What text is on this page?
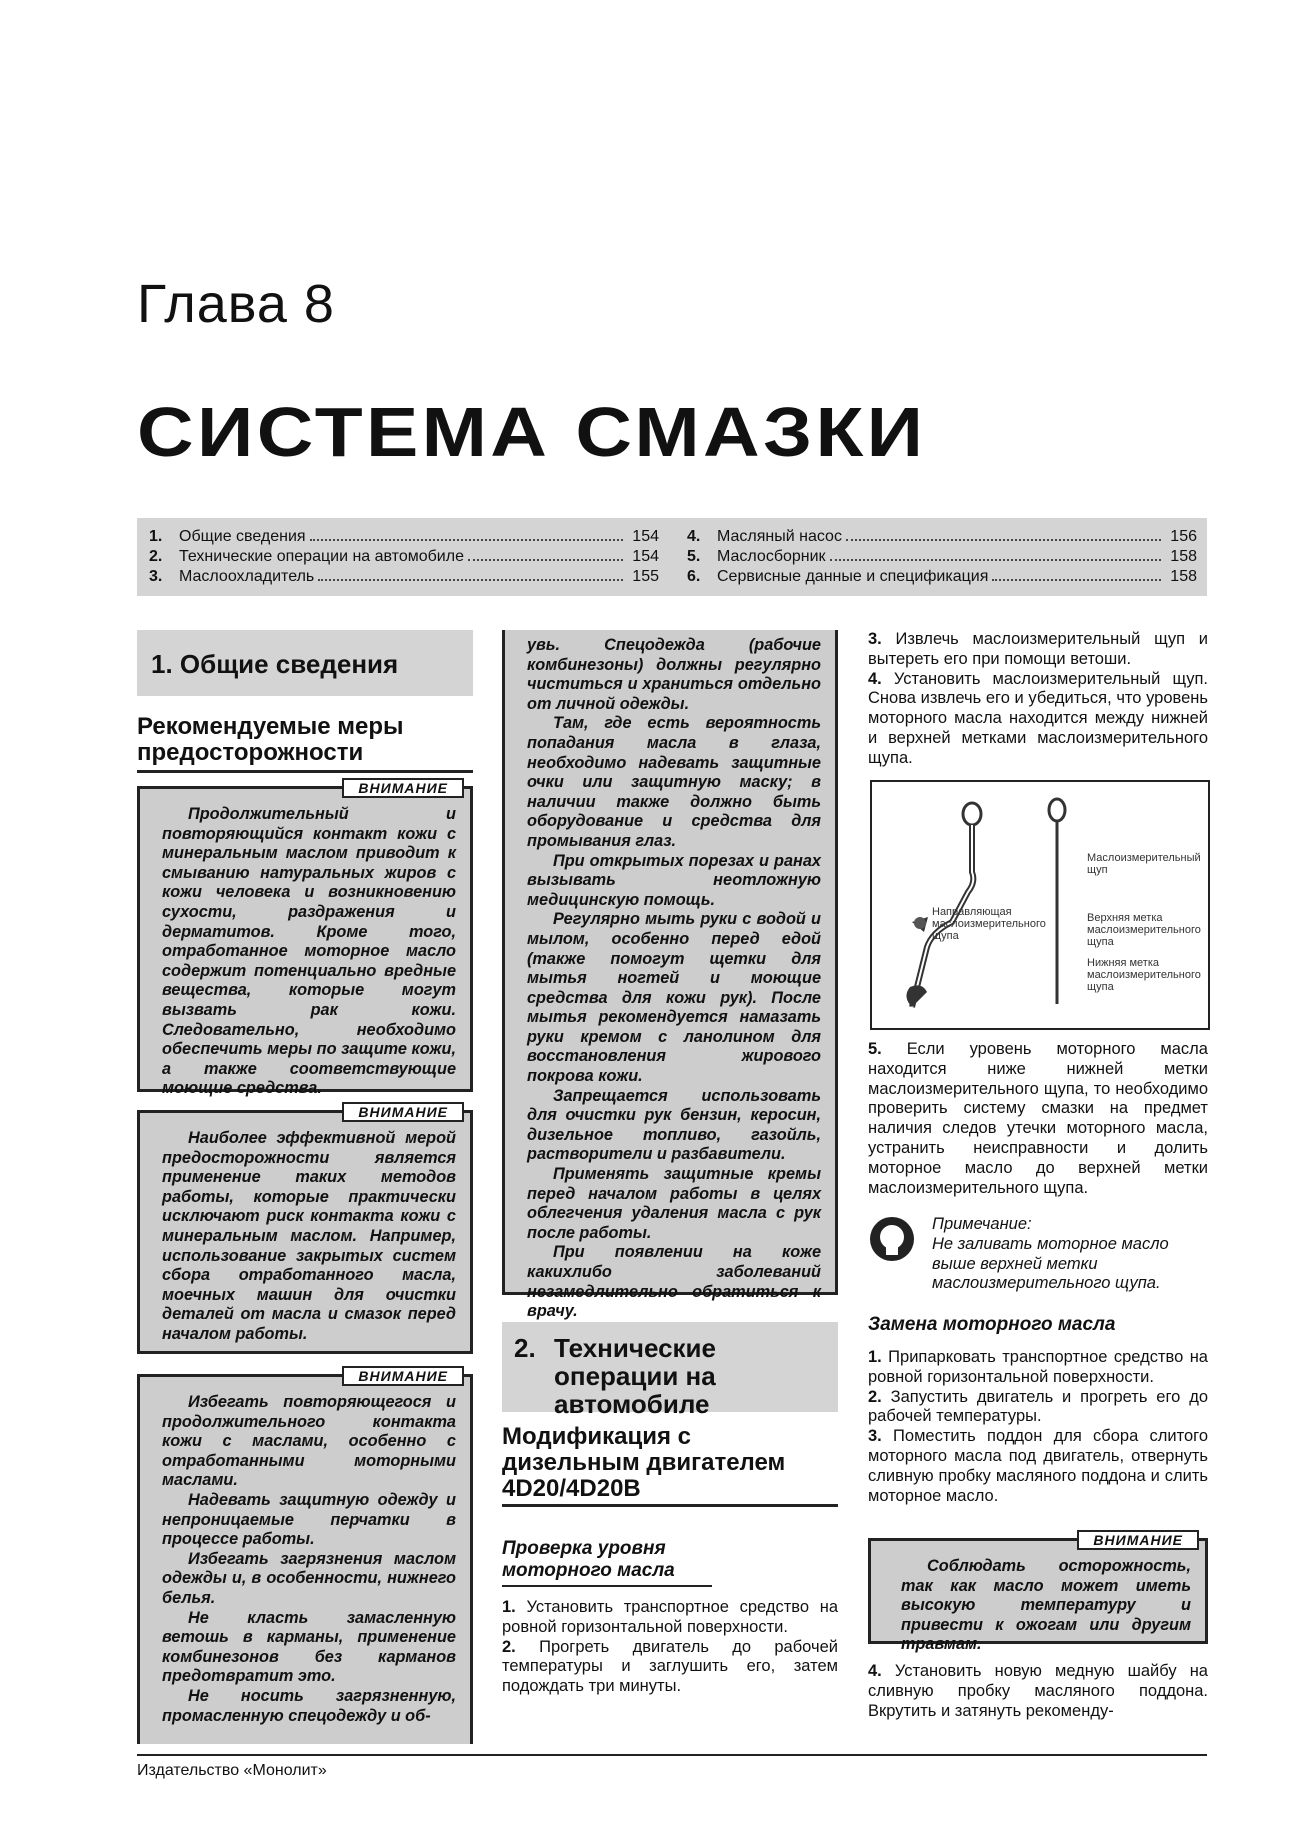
Глава 8
СИСТЕМА СМАЗКИ
1.	Общие сведения	154
2.	Технические операции на автомобиле	154
3.	Маслоохладитель	155
4.	Масляный насос	156
5.	Маслосборник	158
6.	Сервисные данные и спецификация	158
1. Общие сведения
Рекомендуемые меры предосторожности
ВНИМАНИЕ

Продолжительный и повторяющийся контакт кожи с минеральным маслом приводит к смыванию натуральных жиров с кожи человека и возникновению сухости, раздражения и дерматитов. Кроме того, отработанное моторное масло содержит потенциально вредные вещества, которые могут вызвать рак кожи. Следовательно, необходимо обеспечить меры по защите кожи, а также соответствующие моющие средства.

ВНИМАНИЕ

Наиболее эффективной мерой предосторожности является применение таких методов работы, которые практически исключают риск контакта кожи с минеральным маслом. Например, использование закрытых систем сбора отработанного масла, моечных машин для очистки деталей от масла и смазок перед началом работы.

ВНИМАНИЕ

Избегать повторяющегося и продолжительного контакта кожи с маслами, особенно с отработанными моторными маслами.

Надевать защитную одежду и непроницаемые перчатки в процессе работы.

Избегать загрязнения маслом одежды и, в особенности, нижнего белья.

Не класть замасленную ветошь в карманы, применение комбинезонов без карманов предотвратит это.

Не носить загрязненную, промасленную спецодежду и об-

увь. Спецодежда (рабочие комбинезоны) должны регулярно чиститься и храниться отдельно от личной одежды.

Там, где есть вероятность попадания масла в глаза, необходимо надевать защитные очки или защитную маску; в наличии также должно быть оборудование и средства для промывания глаз.

При открытых порезах и ранах вызывать неотложную медицинскую помощь.

Регулярно мыть руки с водой и мылом, особенно перед едой (также помогут щетки для мытья ногтей и моющие средства для кожи рук). После мытья рекомендуется намазать руки кремом с ланолином для восстановления жирового покрова кожи.

Запрещается использовать для очистки рук бензин, керосин, дизельное топливо, газойль, растворители и разбавители.

Применять защитные кремы перед началом работы в целях облегчения удаления масла с рук после работы.

При появлении на коже какихлибо заболеваний незамедлительно обратиться к врачу.

2. Технические операции на автомобиле
Модификация с дизельным двигателем 4D20/4D20B
Проверка уровня моторного масла

1. Установить транспортное средство на ровной горизонтальной поверхности.

2. Прогреть двигатель до рабочей температуры и заглушить его, затем подождать три минуты.

3. Извлечь маслоизмерительный щуп и вытереть его при помощи ветоши.

4. Установить маслоизмерительный щуп. Снова извлечь его и убедиться, что уровень моторного масла находится между нижней и верхней метками маслоизмерительного щупа.

Направляющая маслоизмерительного щупа
Маслоизмерительный щуп
Верхняя метка маслоизмерительного щупа
Нижняя метка маслоизмерительного щупа

5. Если уровень моторного масла находится ниже нижней метки маслоизмерительного щупа, то необходимо проверить систему смазки на предмет наличия следов утечки моторного масла, устранить неисправности и долить моторное масло до верхней метки маслоизмерительного щупа.

Примечание:
Не заливать моторное масло выше верхней метки маслоизмерительного щупа.
Замена моторного масла

1. Припарковать транспортное средство на ровной горизонтальной поверхности.

2. Запустить двигатель и прогреть его до рабочей температуры.

3. Поместить поддон для сбора слитого моторного масла под двигатель, отвернуть сливную пробку масляного поддона и слить моторное масло.

ВНИМАНИЕ

Соблюдать осторожность, так как масло может иметь высокую температуру и привести к ожогам или другим травмам.

4. Установить новую медную шайбу на сливную пробку масляного поддона. Вкрутить и затянуть рекоменду-

Издательство «Монолит»
